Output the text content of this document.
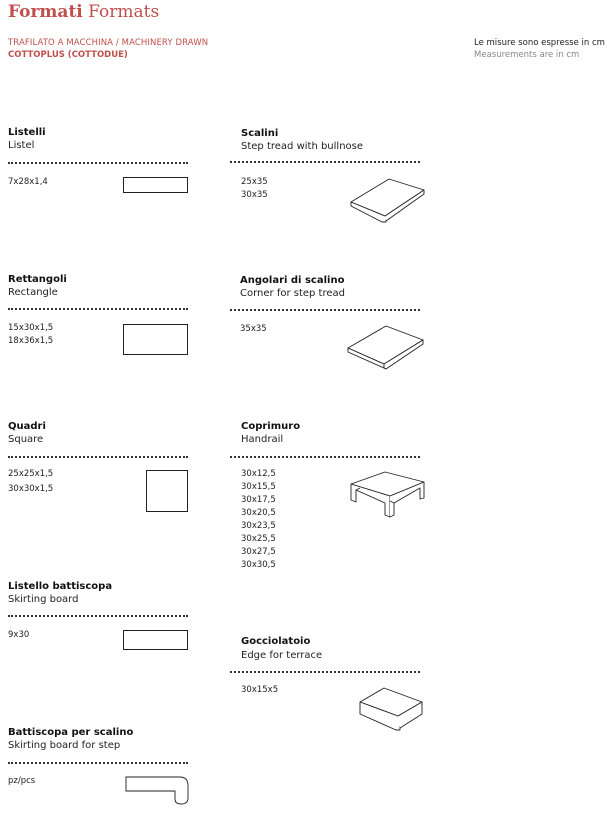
Formati Formats
TRAFILATO A MACCHINA / MACHINERY DRAWN
COTTOPLUS (COTTODUE)
Le misure sono espresse in cm
Measurements are in cm
Listelli
Listel
7x28x1,4
Scalini
Step tread with bullnose
25x35
30x35
Rettangoli
Rectangle
15x30x1,5
18x36x1,5
Angolari di scalino
Corner for step tread
35x35
Quadri
Square
25x25x1,5
30x30x1,5
Coprimuro
Handrail
30x12,5
30x15,5
30x17,5
30x20,5
30x23,5
30x25,5
30x27,5
30x30,5
Listello battiscopa
Skirting board
9x30
Gocciolatoio
Edge for terrace
30x15x5
Battiscopa per scalino
Skirting board for step
pz/pcs
